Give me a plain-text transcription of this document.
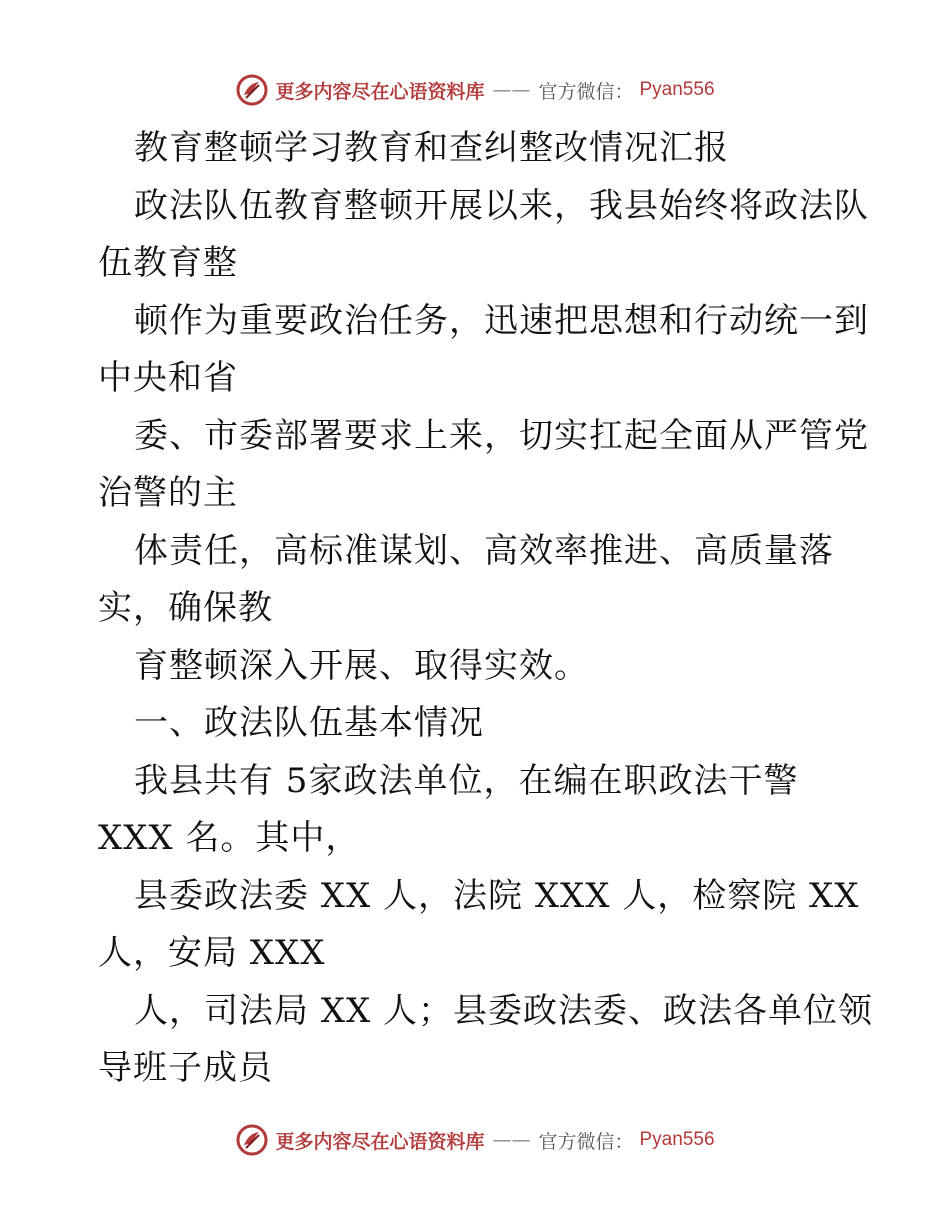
更多内容尽在心语资料库 —— 官方微信： Pyan556
教育整顿学习教育和查纠整改情况汇报
政法队伍教育整顿开展以来，我县始终将政法队
伍教育整
顿作为重要政治任务，迅速把思想和行动统一到
中央和省
委、市委部署要求上来，切实扛起全面从严管党
治警的主
体责任，高标准谋划、高效率推进、高质量落
实，确保教
育整顿深入开展、取得实效。
一、政法队伍基本情况
我县共有 5家政法单位，在编在职政法干警
XXX 名。其中，
县委政法委 XX 人，法院 XXX 人，检察院 XX
人，安局 XXX
人，司法局 XX 人；县委政法委、政法各单位领
导班子成员
更多内容尽在心语资料库 —— 官方微信： Pyan556
